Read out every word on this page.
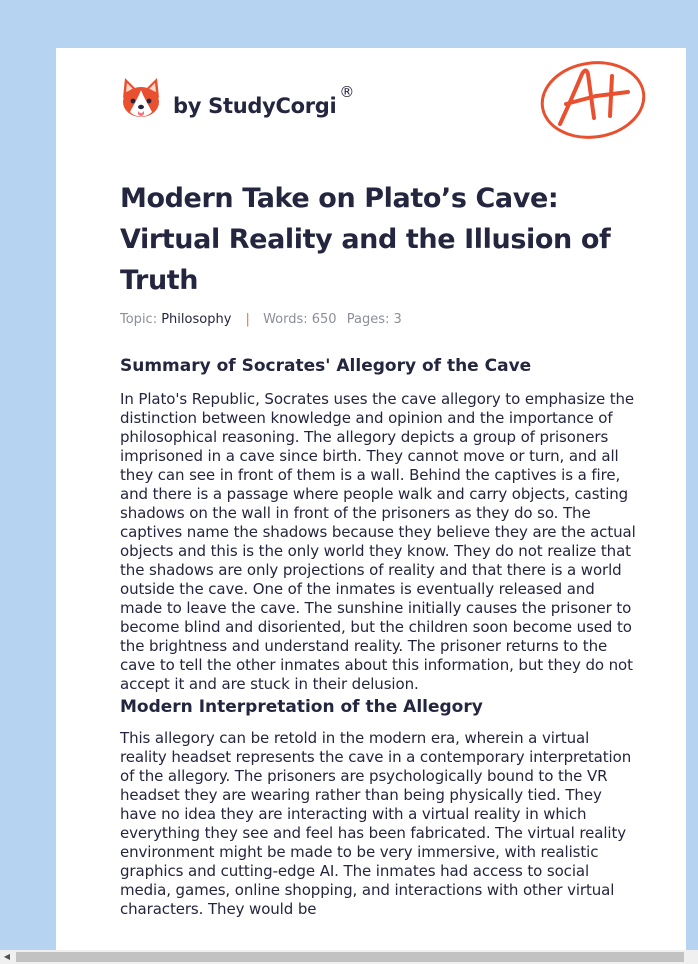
by StudyCorgi
®
Modern Take on Plato’s Cave: Virtual Reality and the Illusion of Truth
Topic: Philosophy | Words: 650 Pages: 3
Summary of Socrates' Allegory of the Cave

In Plato's Republic, Socrates uses the cave allegory to emphasize the distinction between knowledge and opinion and the importance of philosophical reasoning. The allegory depicts a group of prisoners imprisoned in a cave since birth. They cannot move or turn, and all they can see in front of them is a wall. Behind the captives is a fire, and there is a passage where people walk and carry objects, casting shadows on the wall in front of the prisoners as they do so. The captives name the shadows because they believe they are the actual objects and this is the only world they know. They do not realize that the shadows are only projections of reality and that there is a world outside the cave. One of the inmates is eventually released and made to leave the cave. The sunshine initially causes the prisoner to become blind and disoriented, but the children soon become used to the brightness and understand reality. The prisoner returns to the cave to tell the other inmates about this information, but they do not accept it and are stuck in their delusion.

Modern Interpretation of the Allegory

This allegory can be retold in the modern era, wherein a virtual reality headset represents the cave in a contemporary interpretation of the allegory. The prisoners are psychologically bound to the VR headset they are wearing rather than being physically tied. They have no idea they are interacting with a virtual reality in which everything they see and feel has been fabricated. The virtual reality environment might be made to be very immersive, with realistic graphics and cutting-edge AI. The inmates had access to social media, games, online shopping, and interactions with other virtual characters. They would be

◀
